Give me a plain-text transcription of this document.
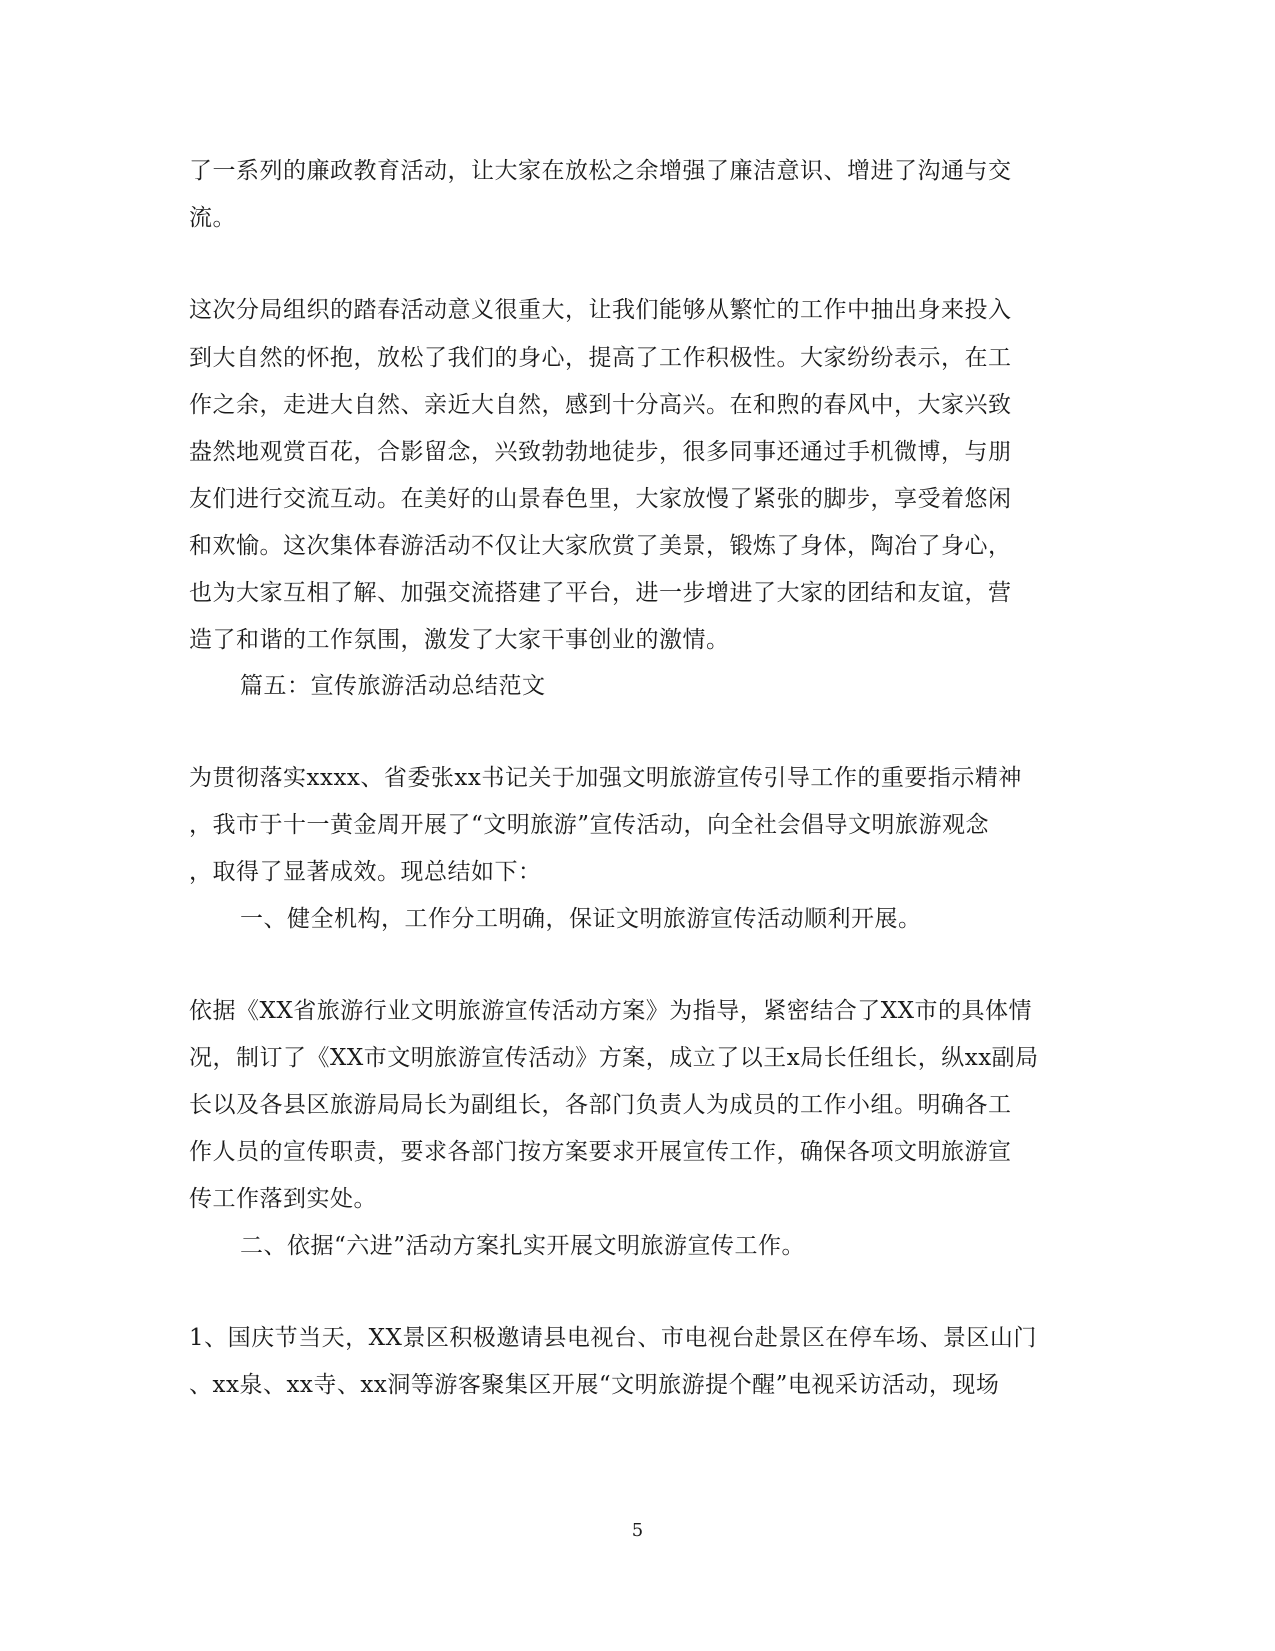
了一系列的廉政教育活动，让大家在放松之余增强了廉洁意识、增进了沟通与交
流。
这次分局组织的踏春活动意义很重大，让我们能够从繁忙的工作中抽出身来投入
到大自然的怀抱，放松了我们的身心，提高了工作积极性。大家纷纷表示，在工
作之余，走进大自然、亲近大自然，感到十分高兴。在和煦的春风中，大家兴致
盎然地观赏百花，合影留念，兴致勃勃地徒步，很多同事还通过手机微博，与朋
友们进行交流互动。在美好的山景春色里，大家放慢了紧张的脚步，享受着悠闲
和欢愉。这次集体春游活动不仅让大家欣赏了美景，锻炼了身体，陶冶了身心，
也为大家互相了解、加强交流搭建了平台，进一步增进了大家的团结和友谊，营
造了和谐的工作氛围，激发了大家干事创业的激情。
篇五：宣传旅游活动总结范文
为贯彻落实xxxx、省委张xx书记关于加强文明旅游宣传引导工作的重要指示精神
，我市于十一黄金周开展了“文明旅游”宣传活动，向全社会倡导文明旅游观念
，取得了显著成效。现总结如下：
一、健全机构，工作分工明确，保证文明旅游宣传活动顺利开展。
依据《XX省旅游行业文明旅游宣传活动方案》为指导，紧密结合了XX市的具体情
况，制订了《XX市文明旅游宣传活动》方案，成立了以王x局长任组长，纵xx副局
长以及各县区旅游局局长为副组长，各部门负责人为成员的工作小组。明确各工
作人员的宣传职责，要求各部门按方案要求开展宣传工作，确保各项文明旅游宣
传工作落到实处。
二、依据“六进”活动方案扎实开展文明旅游宣传工作。
1、国庆节当天，XX景区积极邀请县电视台、市电视台赴景区在停车场、景区山门
、xx泉、xx寺、xx洞等游客聚集区开展“文明旅游提个醒”电视采访活动，现场
5
